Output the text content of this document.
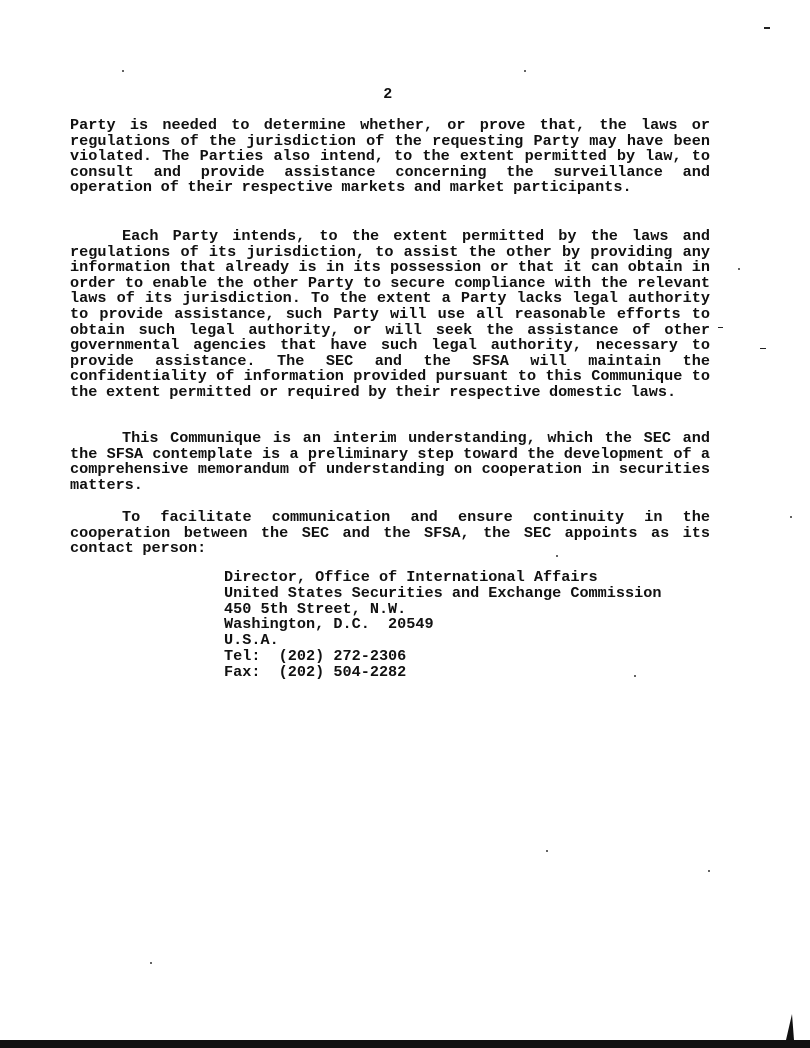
2

Party is needed to determine whether, or prove that, the laws or regulations of the jurisdiction of the requesting Party may have been violated. The Parties also intend, to the extent permitted by law, to consult and provide assistance concerning the surveillance and operation of their respective markets and market participants.

Each Party intends, to the extent permitted by the laws and regulations of its jurisdiction, to assist the other by providing any information that already is in its possession or that it can obtain in order to enable the other Party to secure compliance with the relevant laws of its jurisdiction. To the extent a Party lacks legal authority to provide assistance, such Party will use all reasonable efforts to obtain such legal authority, or will seek the assistance of other governmental agencies that have such legal authority, necessary to provide assistance. The SEC and the SFSA will maintain the confidentiality of information provided pursuant to this Communique to the extent permitted or required by their respective domestic laws.

This Communique is an interim understanding, which the SEC and the SFSA contemplate is a preliminary step toward the development of a comprehensive memorandum of understanding on cooperation in securities matters.

To facilitate communication and ensure continuity in the cooperation between the SEC and the SFSA, the SEC appoints as its contact person:

Director, Office of International Affairs
United States Securities and Exchange Commission
450 5th Street, N.W.
Washington, D.C.  20549
U.S.A.
Tel:  (202) 272-2306
Fax:  (202) 504-2282
